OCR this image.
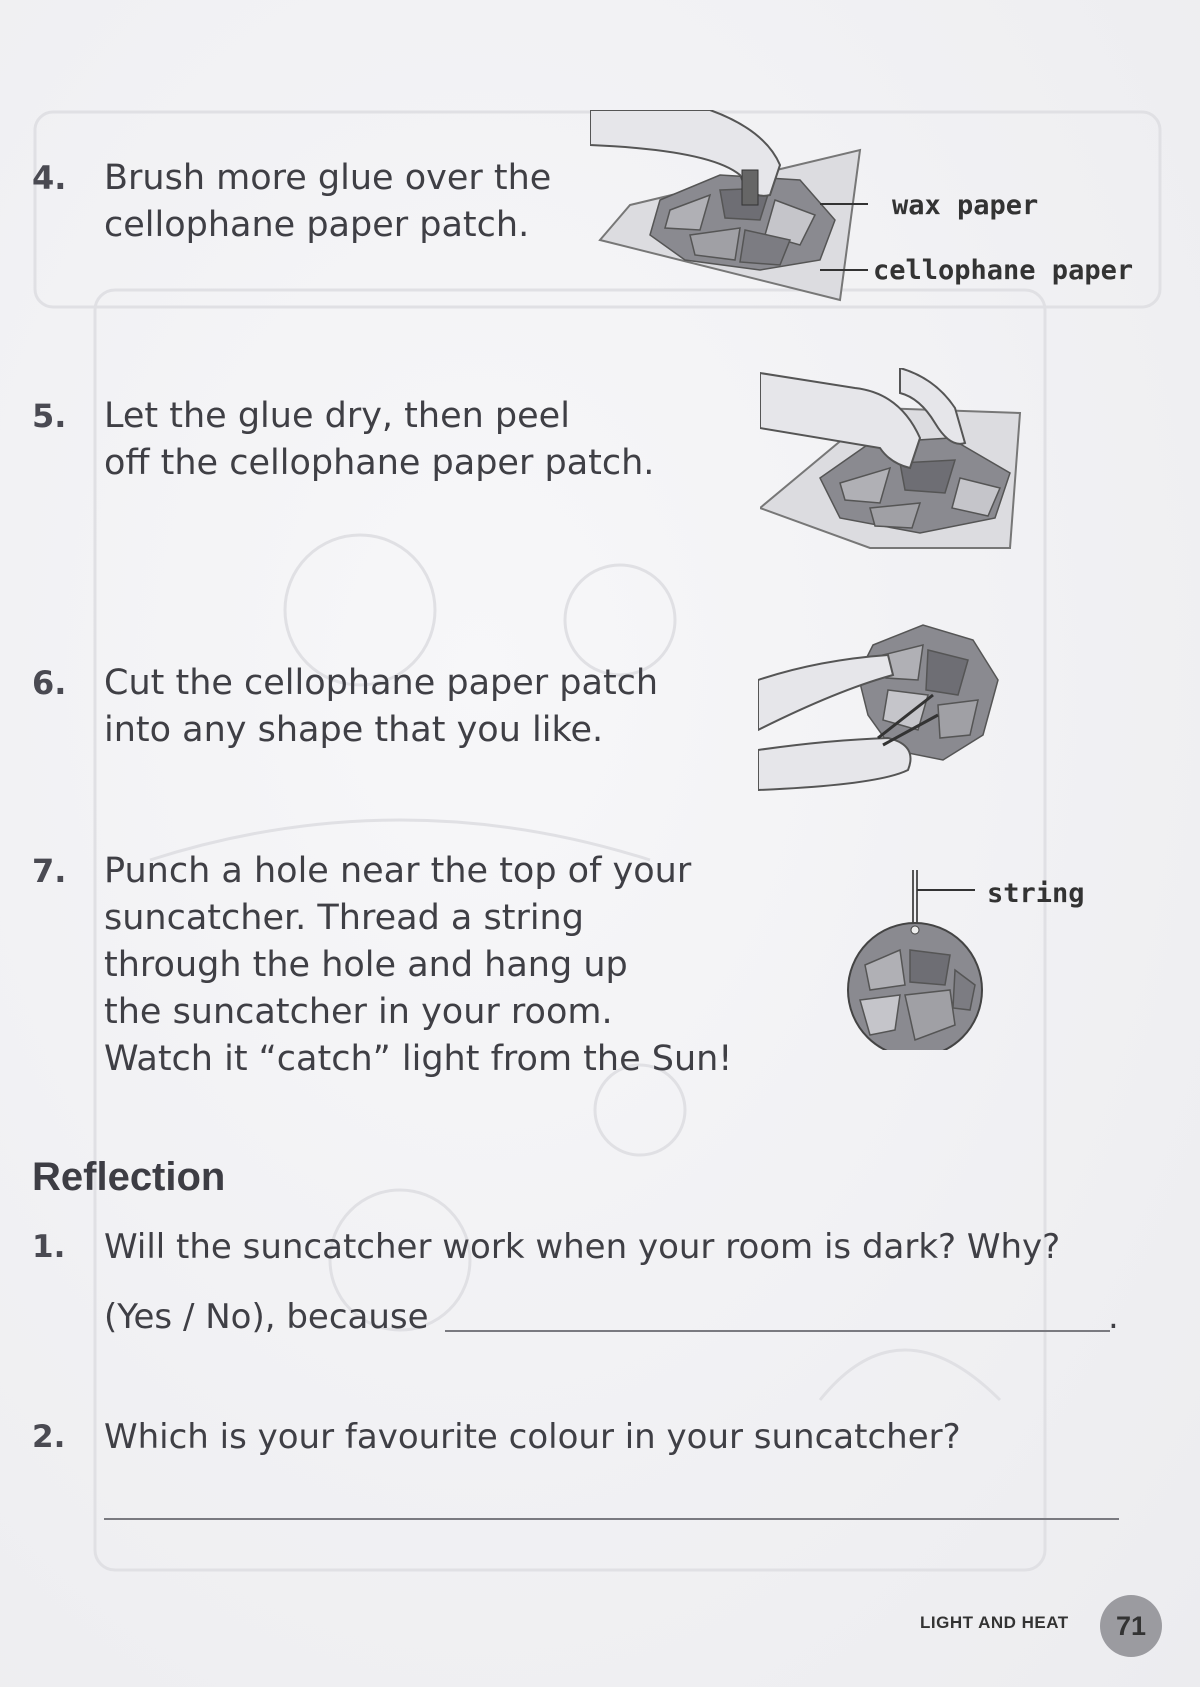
4. Brush more glue over the
cellophane paper patch.	wax paper
cellophane paper
5. Let the glue dry, then peel
off the cellophane paper patch.
6. Cut the cellophane paper patch
into any shape that you like.
7. Punch a hole near the top of your
suncatcher. Thread a string
through the hole and hang up
the suncatcher in your room.
Watch it “catch” light from the Sun!
string
Reflection
1. Will the suncatcher work when your room is dark? Why?
(Yes / No), because	.
2. Which is your favourite colour in your suncatcher?
LIGHT AND HEAT	71
